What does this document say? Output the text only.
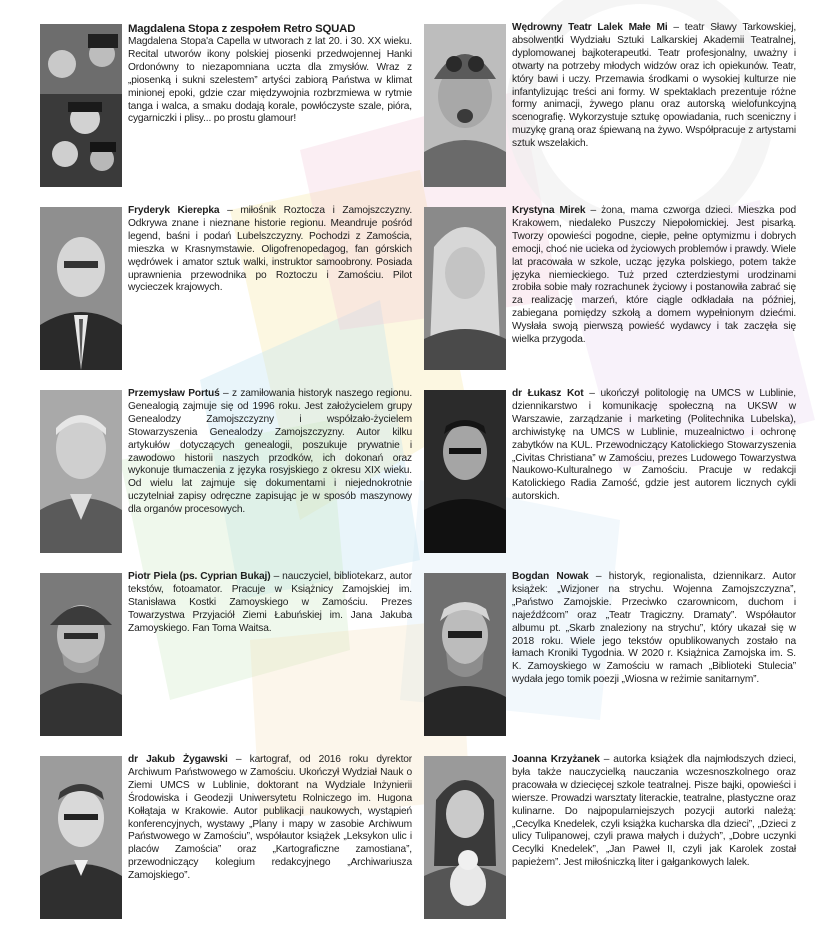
Magdalena Stopa z zespołem Retro SQUAD
Magdalena Stopa'a Capella w utworach z lat 20. i 30. XX wieku. Recital utworów ikony polskiej piosenki przedwojennej Hanki Ordonówny to niezapomniana uczta dla zmysłów. Wraz z „piosenką i sukni szelestem” artyści zabiorą Państwa w klimat minionej epoki, gdzie czar międzywojnia rozbrzmiewa w rytmie tanga i walca, a smaku dodają korale, powłóczyste szale, pióra, cygarniczki i plisy... po prostu glamour!
Fryderyk Kierepka – miłośnik Roztocza i Zamojszczyzny. Odkrywa znane i nieznane historie regionu. Meandruje pośród legend, baśni i podań Lubelszczyzny. Pochodzi z Zamościa, mieszka w Krasnymstawie. Oligofrenopedagog, fan górskich wędrówek i amator sztuk walki, instruktor samoobrony. Posiada uprawnienia przewodnika po Roztoczu i Zamościu. Pilot wycieczek krajowych.
Przemysław Portuś – z zamiłowania historyk naszego regionu. Genealogią zajmuje się od 1996 roku. Jest założycielem grupy Genealodzy Zamojszczyzny i współzało-życielem Stowarzyszenia Genealodzy Zamojszczyzny. Autor kilku artykułów dotyczących genealogii, poszukuje prywatnie i zawodowo historii naszych przodków, ich dokonań oraz wykonuje tłumaczenia z języka rosyjskiego z okresu XIX wieku. Od wielu lat zajmuje się dokumentami i niejednokrotnie uczytelniał zapisy odręczne zapisując je w sposób maszynowy dla organów procesowych.
Piotr Piela (ps. Cyprian Bukaj) – nauczyciel, bibliotekarz, autor tekstów, fotoamator. Pracuje w Książnicy Zamojskiej im. Stanisława Kostki Zamoyskiego w Zamościu. Prezes Towarzystwa Przyjaciół Ziemi Łabuńskiej im. Jana Jakuba Zamoyskiego. Fan Toma Waitsa.
dr Jakub Żygawski – kartograf, od 2016 roku dyrektor Archiwum Państwowego w Zamościu. Ukończył Wydział Nauk o Ziemi UMCS w Lublinie, doktorant na Wydziale Inżynierii Środowiska i Geodezji Uniwersytetu Rolniczego im. Hugona Kołłątaja w Krakowie. Autor publikacji naukowych, wystąpień konferencyjnych, wystawy „Plany i mapy w zasobie Archiwum Państwowego w Zamościu”, współautor książek „Leksykon ulic i placów Zamościa” oraz „Kartograficzne zamostiana”, przewodniczący kolegium redakcyjnego „Archiwariusza Zamojskiego”.
Wędrowny Teatr Lalek Małe Mi – teatr Sławy Tarkowskiej, absolwentki Wydziału Sztuki Lalkarskiej Akademii Teatralnej, dyplomowanej bajkoterapeutki. Teatr profesjonalny, uważny i otwarty na potrzeby młodych widzów oraz ich opiekunów. Teatr, który bawi i uczy. Przemawia środkami o wysokiej kulturze nie infantylizując treści ani formy. W spektaklach prezentuje różne formy animacji, żywego planu oraz autorską wielofunkcyjną scenografię. Wykorzystuje sztukę opowiadania, ruch sceniczny i muzykę graną oraz śpiewaną na żywo. Współpracuje z artystami sztuk wszelakich.
Krystyna Mirek – żona, mama czworga dzieci. Mieszka pod Krakowem, niedaleko Puszczy Niepołomickiej. Jest pisarką. Tworzy opowieści pogodne, ciepłe, pełne optymizmu i dobrych emocji, choć nie ucieka od życiowych problemów i prawdy. Wiele lat pracowała w szkole, ucząc języka polskiego, potem także języka niemieckiego. Tuż przed czterdziestymi urodzinami zrobiła sobie mały rozrachunek życiowy i postanowiła zabrać się za realizację marzeń, które ciągle odkładała na później, zabiegana pomiędzy szkołą a domem wypełnionym dziećmi. Wysłała swoją pierwszą powieść wydawcy i tak zaczęła się wielka przygoda.
dr Łukasz Kot – ukończył politologię na UMCS w Lublinie, dziennikarstwo i komunikację społeczną na UKSW w Warszawie, zarządzanie i marketing (Politechnika Lubelska), archiwistykę na UMCS w Lublinie, muzealnictwo i ochronę zabytków na KUL. Przewodniczący Katolickiego Stowarzyszenia „Civitas Christiana” w Zamościu, prezes Ludowego Towarzystwa Naukowo-Kulturalnego w Zamościu. Pracuje w redakcji Katolickiego Radia Zamość, gdzie jest autorem licznych cykli autorskich.
Bogdan Nowak – historyk, regionalista, dziennikarz. Autor książek: „Wizjoner na strychu. Wojenna Zamojszczyzna”, „Państwo Zamojskie. Przeciwko czarownicom, duchom i najeźdźcom” oraz „Teatr Tragiczny. Dramaty”. Współautor albumu pt. „Skarb znaleziony na strychu”, który ukazał się w 2018 roku. Wiele jego tekstów opublikowanych zostało na łamach Kroniki Tygodnia. W 2020 r. Książnica Zamojska im. S. K. Zamoyskiego w Zamościu w ramach „Biblioteki Stulecia” wydała jego tomik poezji „Wiosna w reżimie sanitarnym”.
Joanna Krzyżanek – autorka książek dla najmłodszych dzieci, była także nauczycielką nauczania wczesnoszkolnego oraz pracowała w dziecięcej szkole teatralnej. Pisze bajki, opowieści i wiersze. Prowadzi warsztaty literackie, teatralne, plastyczne oraz kulinarne. Do najpopularniejszych pozycji autorki należą: „Cecylka Knedelek, czyli książka kucharska dla dzieci”, „Dzieci z ulicy Tulipanowej, czyli prawa małych i dużych”, „Dobre uczynki Cecylki Knedelek”, „Jan Paweł II, czyli jak Karolek został papieżem”. Jest miłośniczką liter i gałgankowych lalek.
